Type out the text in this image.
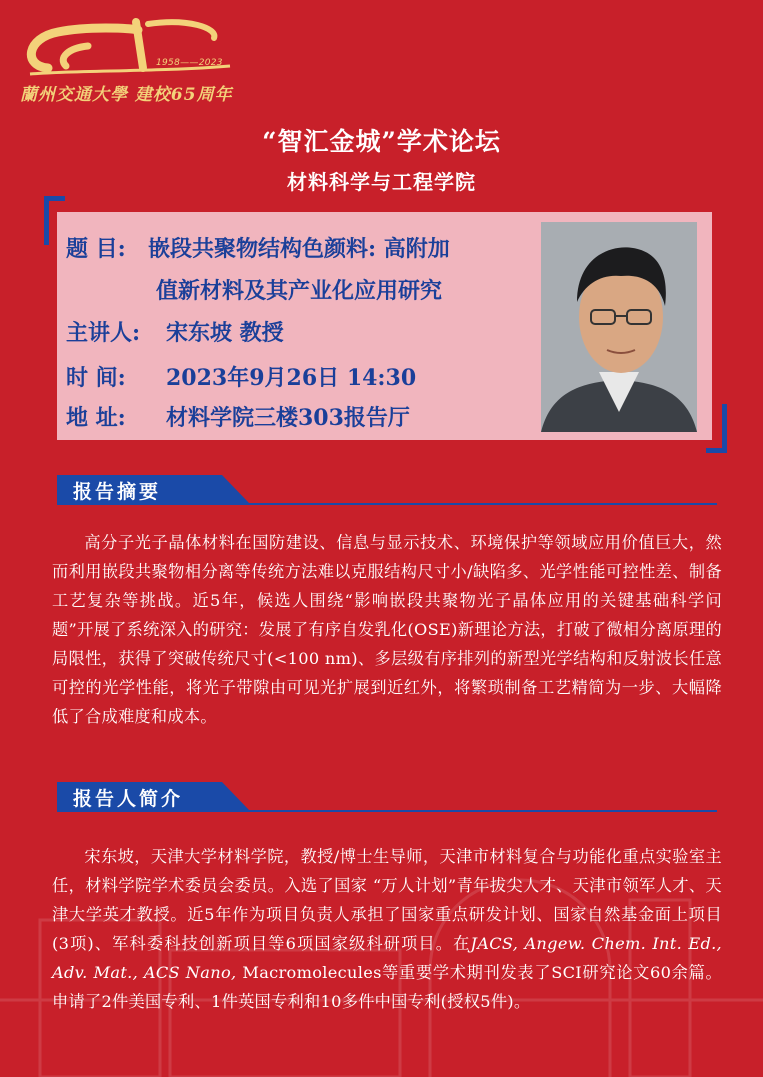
1958——2023
蘭州交通大學 建校65周年
“智汇金城”学术论坛
材料科学与工程学院
题 目: 嵌段共聚物结构色颜料: 高附加
值新材料及其产业化应用研究
主讲人: 宋东坡 教授
时 间: 2023年9月26日 14:30
地 址: 材料学院三楼303报告厅
报告摘要

高分子光子晶体材料在国防建设、信息与显示技术、环境保护等领域应用价值巨大，然而利用嵌段共聚物相分离等传统方法难以克服结构尺寸小/缺陷多、光学性能可控性差、制备工艺复杂等挑战。近5年，候选人围绕“影响嵌段共聚物光子晶体应用的关键基础科学问题”开展了系统深入的研究：发展了有序自发乳化(OSE)新理论方法，打破了微相分离原理的局限性，获得了突破传统尺寸(<100 nm)、多层级有序排列的新型光学结构和反射波长任意可控的光学性能，将光子带隙由可见光扩展到近红外，将繁琐制备工艺精简为一步、大幅降低了合成难度和成本。

报告人简介

宋东坡，天津大学材料学院，教授/博士生导师，天津市材料复合与功能化重点实验室主任，材料学院学术委员会委员。入选了国家 “万人计划”青年拔尖人才、天津市领军人才、天津大学英才教授。近5年作为项目负责人承担了国家重点研发计划、国家自然基金面上项目(3项)、军科委科技创新项目等6项国家级科研项目。在JACS, Angew. Chem. Int. Ed., Adv. Mat., ACS Nano, Macromolecules等重要学术期刊发表了SCI研究论文60余篇。申请了2件美国专利、1件英国专利和10多件中国专利(授权5件)。
